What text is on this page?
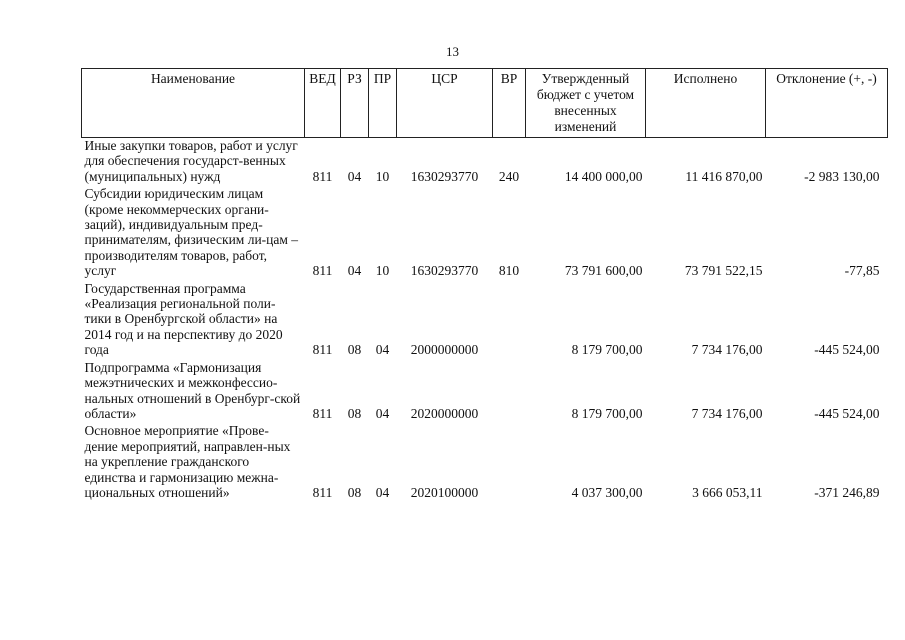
13
Наименование	ВЕД	РЗ	ПР	ЦСР	ВР	Утвержденный бюджет с учетом внесенных изменений	Исполнено	Отклонение (+, -)
Иные закупки товаров, работ и услуг для обеспечения государст-венных (муниципальных) нужд	811	04	10	1630293770	240	14 400 000,00	11 416 870,00	-2 983 130,00
Субсидии юридическим лицам (кроме некоммерческих органи-заций), индивидуальным пред-принимателям, физическим ли-цам – производителям товаров, работ, услуг	811	04	10	1630293770	810	73 791 600,00	73 791 522,15	-77,85
Государственная программа «Реализация региональной поли-тики в Оренбургской области» на 2014 год и на перспективу до 2020 года	811	08	04	2000000000		8 179 700,00	7 734 176,00	-445 524,00
Подпрограмма «Гармонизация межэтнических и межконфессио-нальных отношений в Оренбург-ской области»	811	08	04	2020000000		8 179 700,00	7 734 176,00	-445 524,00
Основное мероприятие «Прове-дение мероприятий, направлен-ных на укрепление гражданского единства и гармонизацию межна-циональных отношений»	811	08	04	2020100000		4 037 300,00	3 666 053,11	-371 246,89
